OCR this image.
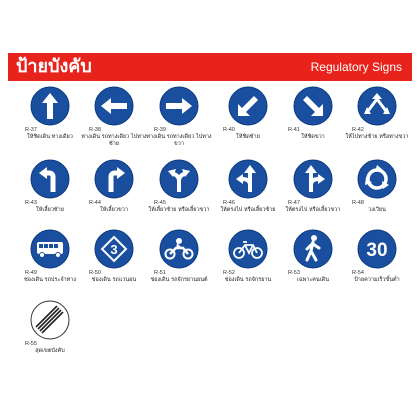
ป้ายบังคับ	Regulatory Signs
R-37
ให้ชิดเดิน ทางเดียว
R-38
ทางเดิน รถทางเดียว ไปทางซ้าย
R-39
ทางเดิน รถทางเดียว ไปทางขวา
R-40
ให้ชิดซ้าย
R-41
ให้ชิดขวา
R-42
ให้ไปทางซ้าย หรือทางขวา
R-43
ให้เลี้ยวซ้าย
R-44
ให้เลี้ยวขวา
R-45
ให้เลี้ยวซ้าย หรือเลี้ยวขวา
R-46
ให้ตรงไป หรือเลี้ยวซ้าย
R-47
ให้ตรงไป หรือเลี้ยวขวา
R-48
วงเวียน
R-49
ช่องเดิน รถประจำทาง
3
R-50
ช่องเดิน รถแวนอน
R-51
ช่องเดิน รถจักรยานยนต์
R-52
ช่องเดิน รถจักรยาน
R-53
เฉพาะคนเดิน
30
R-54
ป้ายความเร็วขั้นต่ำ
R-55
สุดเขตบังคับ
